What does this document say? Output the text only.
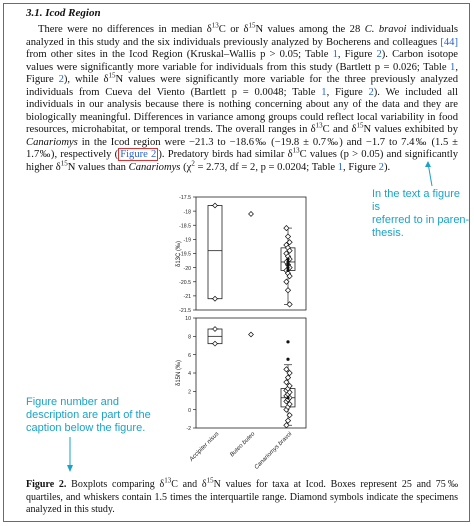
3.1. Icod Region

There were no differences in median $\delta^{13}C$ or $\delta^{15}N$ values among the 28 C. bravoi individuals analyzed in this study and the six individuals previously analyzed by Bocherens and colleagues [44] from other sites in the Icod Region (Kruskal–Wallis p > 0.05; Table 1, Figure 2). Carbon isotope values were significantly more variable for individuals from this study (Bartlett p = 0.026; Table 1, Figure 2), while $\delta^{15}N$ values were significantly more variable for the three previously analyzed individuals from Cueva del Viento (Bartlett p = 0.0048; Table 1, Figure 2). We included all individuals in our analysis because there is nothing concerning about any of the data and they are biologically meaningful. Differences in variance among groups could reflect local variability in food resources, microhabitat, or temporal trends. The overall ranges in $\delta^{13}C$ and $\delta^{15}N$ values exhibited by Canariomys in the Icod region were −21.3 to −18.6‰ (−19.8 ± 0.7‰) and −1.7 to 7.4‰ (1.5 ± 1.7‰), respectively ( Figure 2 ). Predatory birds had similar $\delta^{13}C$ values (p > 0.05) and significantly higher $\delta^{15}N$ values than Canariomys ($\chi^2 = 2.73$, df = 2, p = 0.0204; Table 1, Figure 2).

-17.5
-18
-18.5
-19
-19.5
-20
-20.5
-21
-21.5
δ13C (‰)
10
8
6
4
2
0
-2
δ15N (‰)
Accipiter nisus Buteo buteo
Canariomys bravoi
In the text a figure is
referred to in paren-
thesis.
Figure number and
description are part of the
caption below the figure.

Figure 2. Boxplots comparing $\delta^{13}C$ and $\delta^{15}N$ values for taxa at Icod. Boxes represent 25 and 75‰ quartiles, and whiskers contain 1.5 times the interquartile range. Diamond symbols indicate the specimens analyzed in this study.
